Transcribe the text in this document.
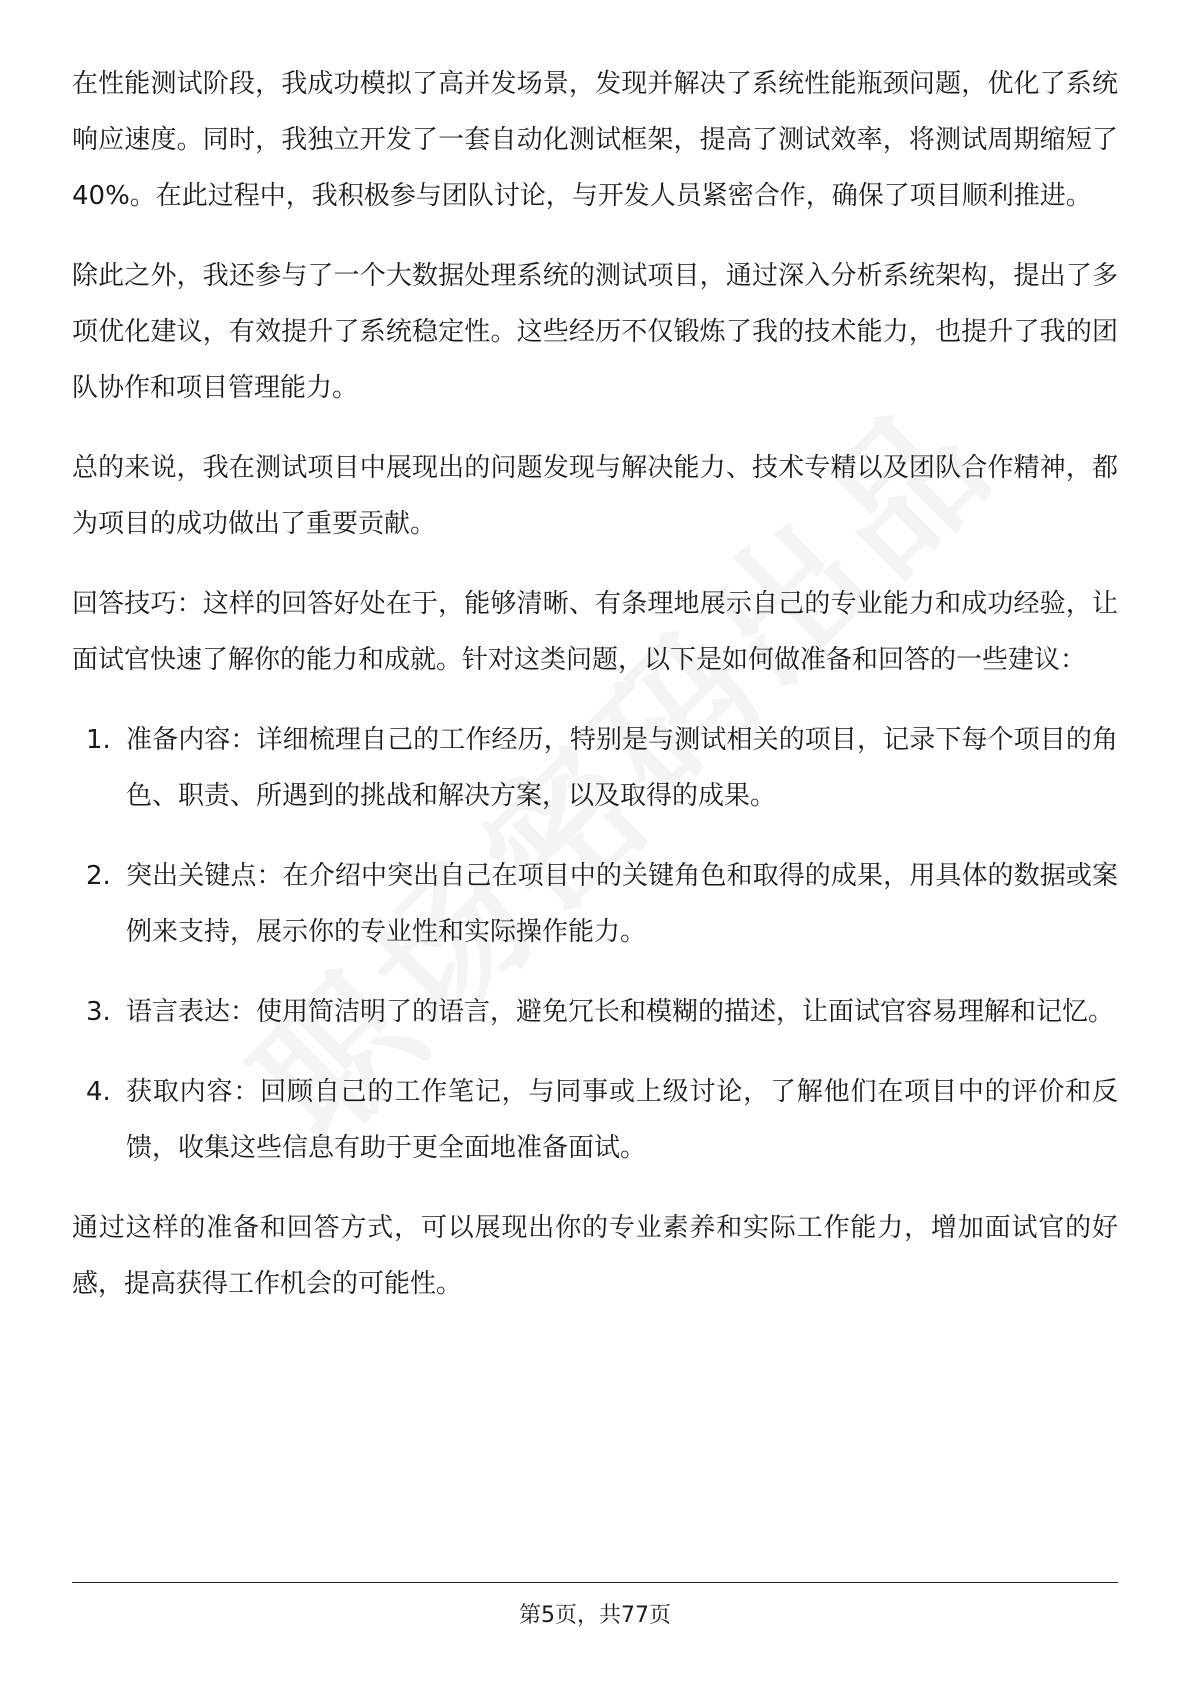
在性能测试阶段，我成功模拟了高并发场景，发现并解决了系统性能瓶颈问题，优化了系统响应速度。同时，我独立开发了一套自动化测试框架，提高了测试效率，将测试周期缩短了40%。在此过程中，我积极参与团队讨论，与开发人员紧密合作，确保了项目顺利推进。

除此之外，我还参与了一个大数据处理系统的测试项目，通过深入分析系统架构，提出了多项优化建议，有效提升了系统稳定性。这些经历不仅锻炼了我的技术能力，也提升了我的团队协作和项目管理能力。

总的来说，我在测试项目中展现出的问题发现与解决能力、技术专精以及团队合作精神，都为项目的成功做出了重要贡献。

回答技巧：这样的回答好处在于，能够清晰、有条理地展示自己的专业能力和成功经验，让面试官快速了解你的能力和成就。针对这类问题，以下是如何做准备和回答的一些建议：

1. 准备内容：详细梳理自己的工作经历，特别是与测试相关的项目，记录下每个项目的角色、职责、所遇到的挑战和解决方案，以及取得的成果。
2. 突出关键点：在介绍中突出自己在项目中的关键角色和取得的成果，用具体的数据或案例来支持，展示你的专业性和实际操作能力。
3. 语言表达：使用简洁明了的语言，避免冗长和模糊的描述，让面试官容易理解和记忆。
4. 获取内容：回顾自己的工作笔记，与同事或上级讨论，了解他们在项目中的评价和反馈，收集这些信息有助于更全面地准备面试。

通过这样的准备和回答方式，可以展现出你的专业素养和实际工作能力，增加面试官的好感，提高获得工作机会的可能性。

第5页，共77页
